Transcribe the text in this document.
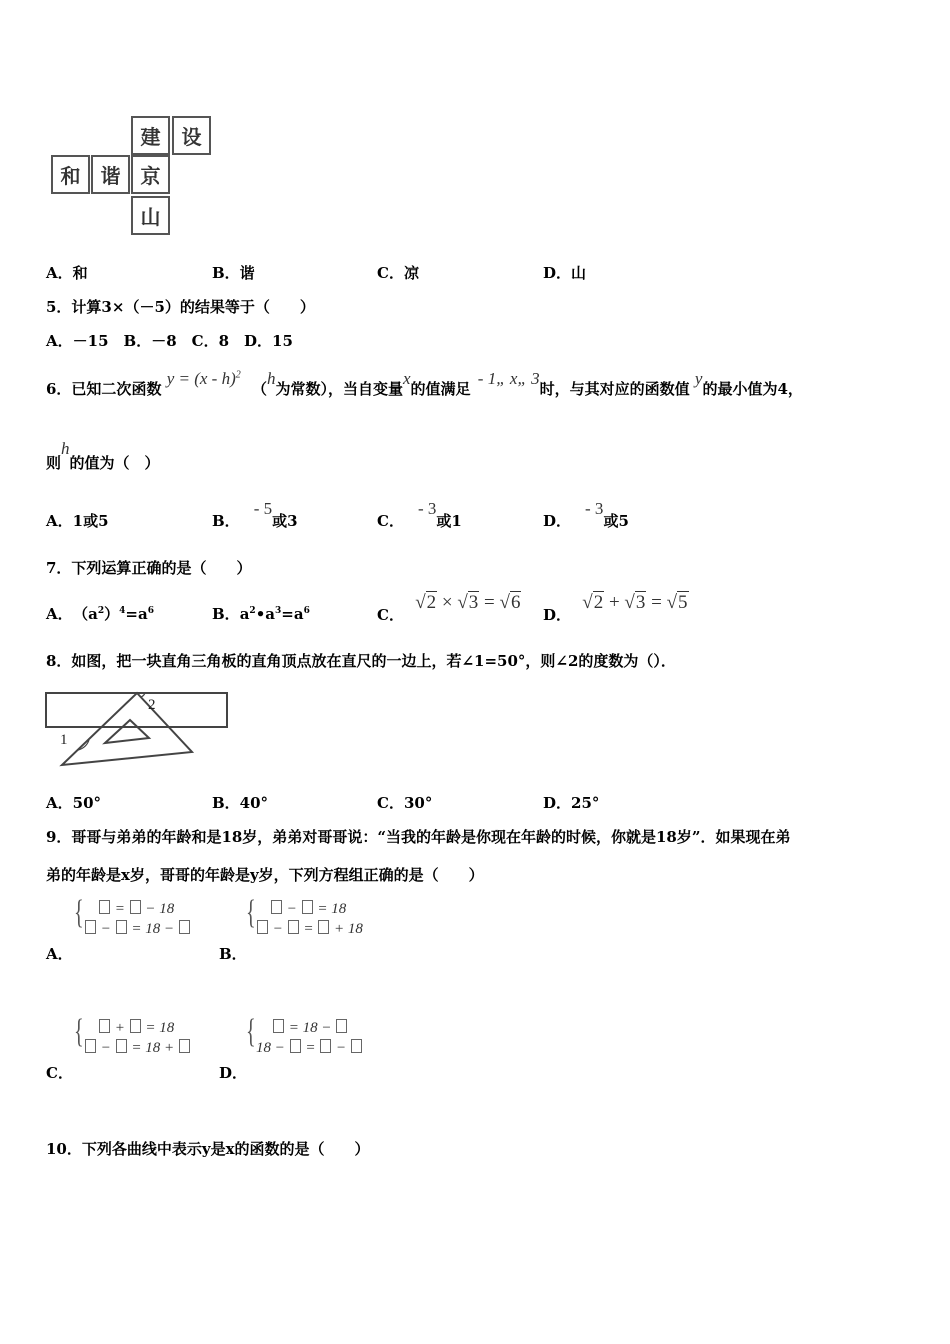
建	设
和	谐	京
山
A．和	B．谐	C．凉	D．山
5．计算3×（－5）的结果等于（　　）
A．－15　B．－8　C．8　D．15
6．已知二次函数 y = (x - h)$^2$ （h为常数），当自变量x的值满足 - 1„ x„ 3时，与其对应的函数值 y的最小值为4，
则h的值为（　）
A．1或5	B．- 5或3	C．- 3或1	D．- 3或5
7．下列运算正确的是（　　）
A． $(a^2)^4=a^6$	B．$a^2•a^3=a^6$	C． √2 × √3 = √6
D． √2 + √3 = √5
8．如图，把一块直角三角板的直角顶点放在直尺的一边上，若∠1=50°，则∠2的度数为（）．
1
2
A．50°	B．40°	C．30°	D．25°
9．哥哥与弟弟的年龄和是18岁，弟弟对哥哥说：“当我的年龄是你现在年龄的时候，你就是18岁”．如果现在弟
弟的年龄是x岁，哥哥的年龄是y岁，下列方程组正确的是（　　）
{	=  − 18
−  = 18 −
A．
{	−  = 18
−  =  + 18
B．
{	+  = 18
−  = 18 +
C．
{	= 18 −
18 −  =  −
D．
10．下列各曲线中表示y是x的函数的是（　　）
